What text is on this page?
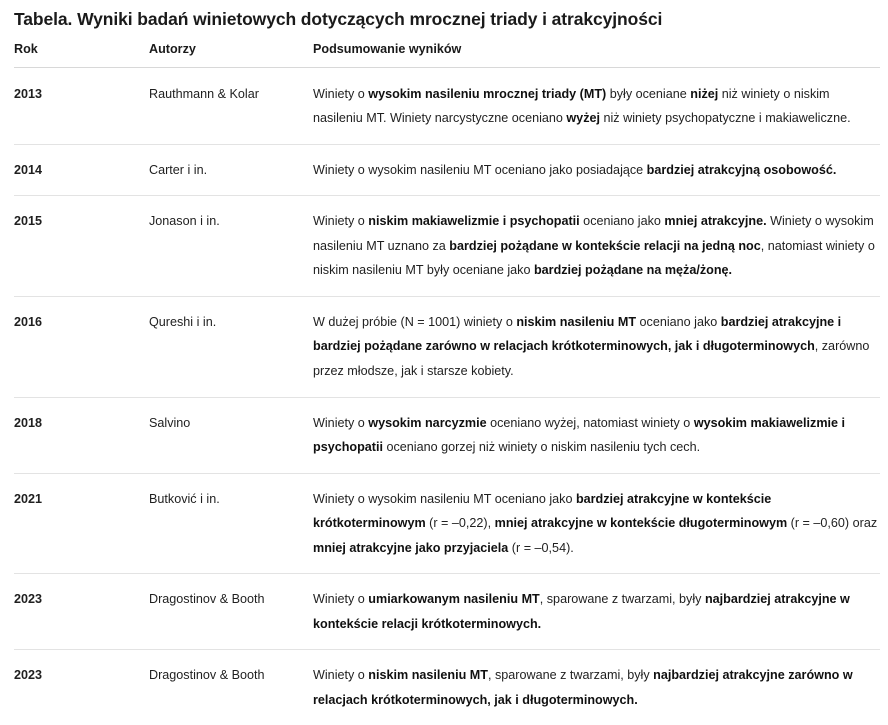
Tabela. Wyniki badań winietowych dotyczących mrocznej triady i atrakcyjności
Rok	Autorzy	Podsumowanie wyników
2013	Rauthmann & Kolar	Winiety o wysokim nasileniu mrocznej triady (MT) były oceniane niżej niż winiety o niskim nasileniu MT. Winiety narcystyczne oceniano wyżej niż winiety psychopatyczne i makiaweliczne.
2014	Carter i in.	Winiety o wysokim nasileniu MT oceniano jako posiadające bardziej atrakcyjną osobowość.
2015	Jonason i in.	Winiety o niskim makiawelizmie i psychopatii oceniano jako mniej atrakcyjne. Winiety o wysokim nasileniu MT uznano za bardziej pożądane w kontekście relacji na jedną noc, natomiast winiety o niskim nasileniu MT były oceniane jako bardziej pożądane na męża/żonę.
2016	Qureshi i in.	W dużej próbie (N = 1001) winiety o niskim nasileniu MT oceniano jako bardziej atrakcyjne i bardziej pożądane zarówno w relacjach krótkoterminowych, jak i długoterminowych, zarówno przez młodsze, jak i starsze kobiety.
2018	Salvino	Winiety o wysokim narcyzmie oceniano wyżej, natomiast winiety o wysokim makiawelizmie i psychopatii oceniano gorzej niż winiety o niskim nasileniu tych cech.
2021	Butković i in.	Winiety o wysokim nasileniu MT oceniano jako bardziej atrakcyjne w kontekście krótkoterminowym (r = –0,22), mniej atrakcyjne w kontekście długoterminowym (r = –0,60) oraz mniej atrakcyjne jako przyjaciela (r = –0,54).
2023	Dragostinov & Booth	Winiety o umiarkowanym nasileniu MT, sparowane z twarzami, były najbardziej atrakcyjne w kontekście relacji krótkoterminowych.
2023	Dragostinov & Booth	Winiety o niskim nasileniu MT, sparowane z twarzami, były najbardziej atrakcyjne zarówno w relacjach krótkoterminowych, jak i długoterminowych.
